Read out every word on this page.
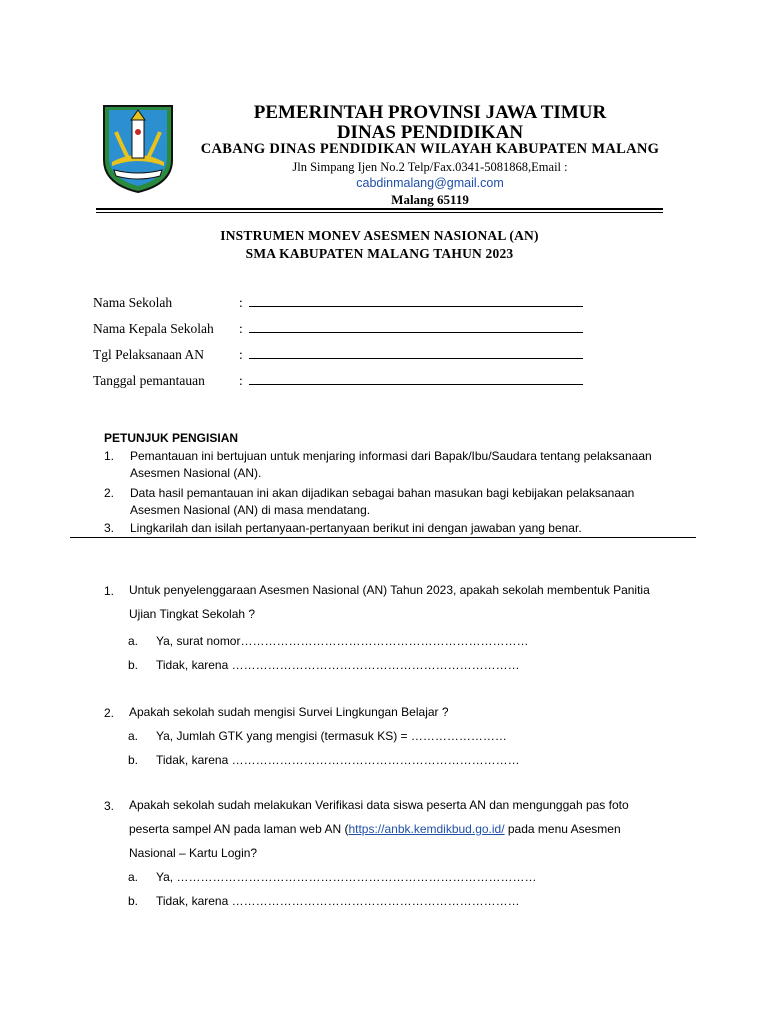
PEMERINTAH PROVINSI JAWA TIMUR
DINAS PENDIDIKAN
CABANG DINAS PENDIDIKAN WILAYAH KABUPATEN MALANG
Jln Simpang Ijen No.2 Telp/Fax.0341-5081868,Email :
cabdinmalang@gmail.com
Malang 65119
INSTRUMEN MONEV ASESMEN NASIONAL (AN)
SMA KABUPATEN MALANG TAHUN 2023
Nama Sekolah	:
Nama Kepala Sekolah :
Tgl Pelaksanaan AN	:
Tanggal pemantauan	:
PETUNJUK PENGISIAN
1. Pemantauan ini bertujuan untuk menjaring informasi dari Bapak/Ibu/Saudara tentang pelaksanaan Asesmen Nasional (AN).
2. Data hasil pemantauan ini akan dijadikan sebagai bahan masukan bagi kebijakan pelaksanaan Asesmen Nasional (AN) di masa mendatang.
3. Lingkarilah dan isilah pertanyaan-pertanyaan berikut ini dengan jawaban yang benar.
1. Untuk penyelenggaraan Asesmen Nasional (AN) Tahun 2023, apakah sekolah membentuk Panitia Ujian Tingkat Sekolah ?
a. Ya, surat nomor………………………………………………………………
b. Tidak, karena ………………………………………………………………
2. Apakah sekolah sudah mengisi Survei Lingkungan Belajar ?
a. Ya, Jumlah GTK yang mengisi (termasuk KS) = ……………………
b. Tidak, karena ………………………………………………………………
3. Apakah sekolah sudah melakukan Verifikasi data siswa peserta AN dan mengunggah pas foto peserta sampel AN pada laman web AN (https://anbk.kemdikbud.go.id/ pada menu Asesmen Nasional – Kartu Login?
a. Ya, ………………………………………………………………………………
b. Tidak, karena ………………………………………………………………
